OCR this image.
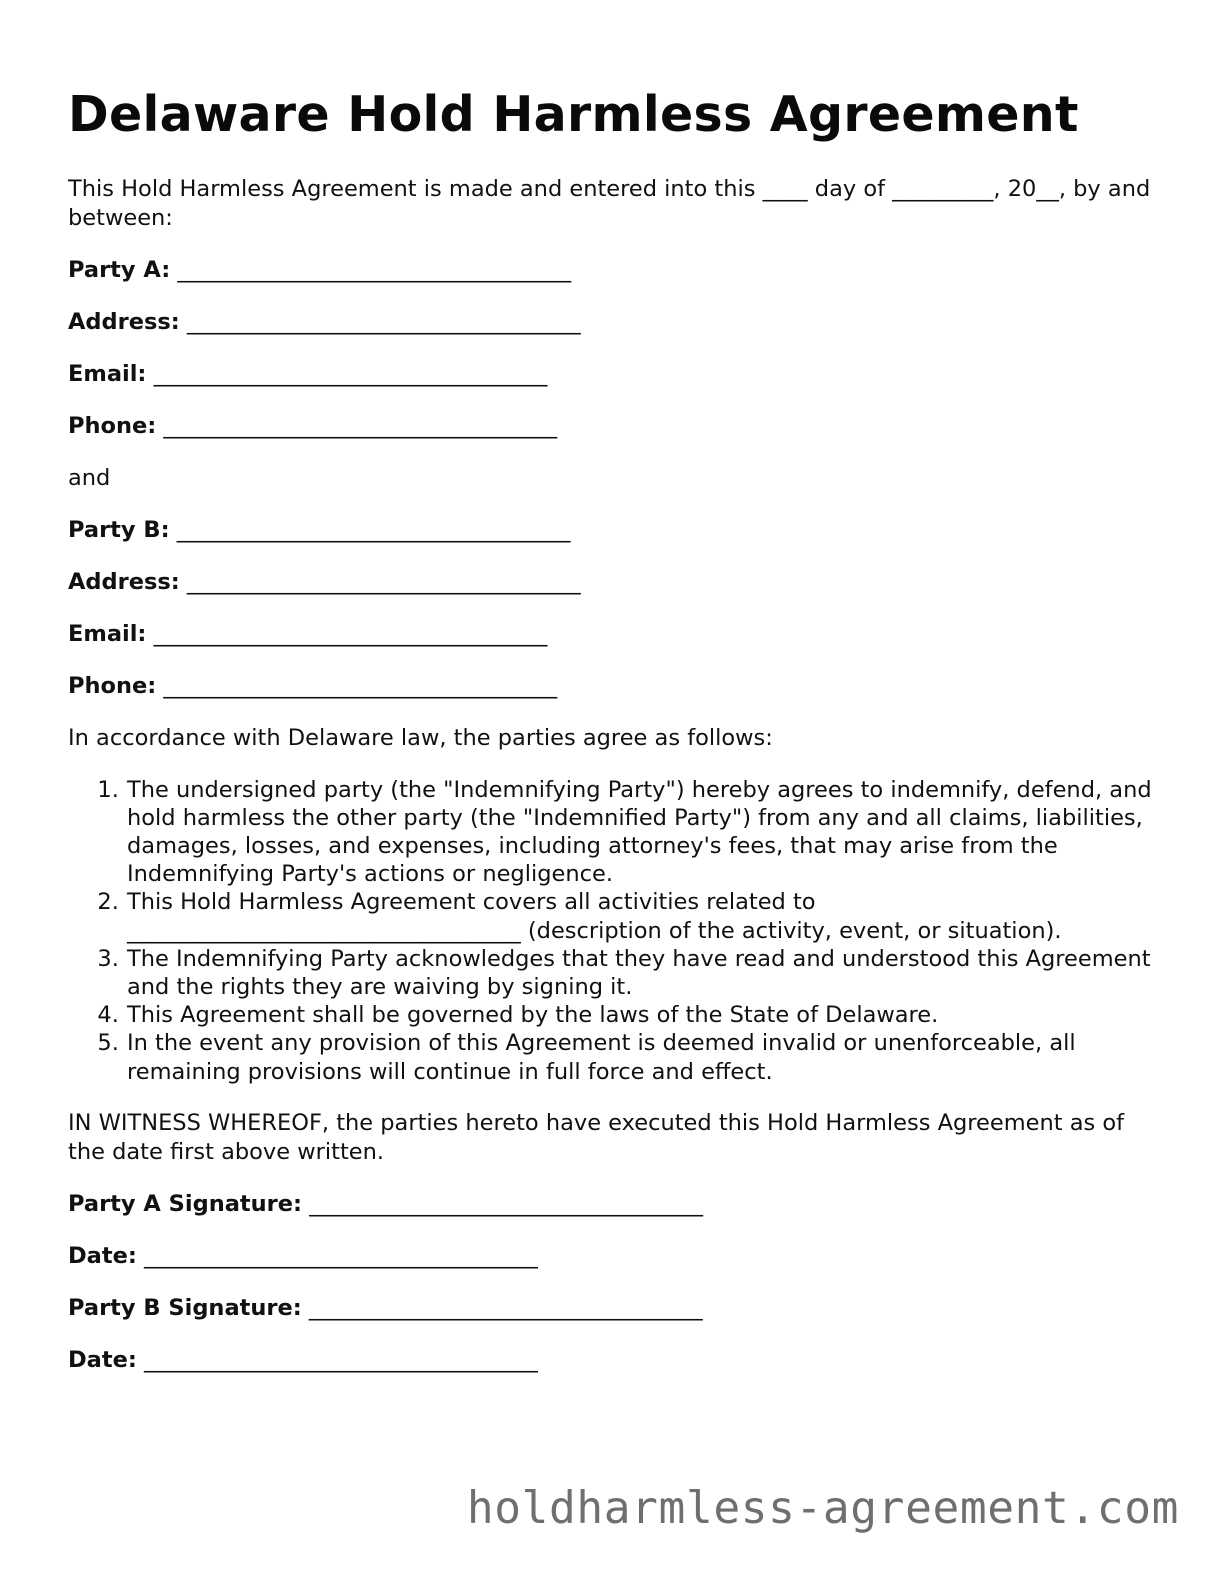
Delaware Hold Harmless Agreement

This Hold Harmless Agreement is made and entered into this ____ day of _________, 20__, by and between:

Party A: ___________________________________
Address: ___________________________________
Email: ___________________________________
Phone: ___________________________________

and

Party B: ___________________________________
Address: ___________________________________
Email: ___________________________________
Phone: ___________________________________

In accordance with Delaware law, the parties agree as follows:

1. The undersigned party (the "Indemnifying Party") hereby agrees to indemnify, defend, and hold harmless the other party (the "Indemnified Party") from any and all claims, liabilities, damages, losses, and expenses, including attorney's fees, that may arise from the Indemnifying Party's actions or negligence.
2. This Hold Harmless Agreement covers all activities related to ___________________________________ (description of the activity, event, or situation).
3. The Indemnifying Party acknowledges that they have read and understood this Agreement and the rights they are waiving by signing it.
4. This Agreement shall be governed by the laws of the State of Delaware.
5. In the event any provision of this Agreement is deemed invalid or unenforceable, all remaining provisions will continue in full force and effect.

IN WITNESS WHEREOF, the parties hereto have executed this Hold Harmless Agreement as of the date first above written.

Party A Signature: ___________________________________
Date: ___________________________________
Party B Signature: ___________________________________
Date: ___________________________________
holdharmless-agreement.com
